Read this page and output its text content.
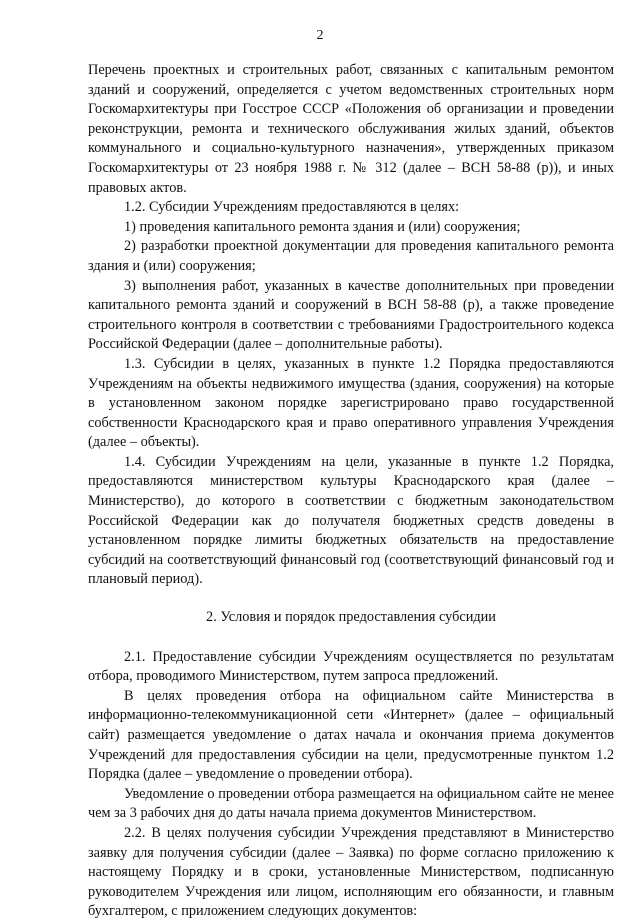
2

Перечень проектных и строительных работ, связанных с капитальным ремонтом зданий и сооружений, определяется с учетом ведомственных строительных норм Госкомархитектуры при Госстрое СССР «Положения об организации и проведении реконструкции, ремонта и технического обслуживания жилых зданий, объектов коммунального и социально-культурного назначения», утвержденных приказом Госкомархитектуры от 23 ноября 1988 г. № 312 (далее – ВСН 58-88 (р)), и иных правовых актов.

1.2. Субсидии Учреждениям предоставляются в целях:

1) проведения капитального ремонта здания и (или) сооружения;

2) разработки проектной документации для проведения капитального ремонта здания и (или) сооружения;

3) выполнения работ, указанных в качестве дополнительных при проведении капитального ремонта зданий и сооружений в ВСН 58-88 (р), а также проведение строительного контроля в соответствии с требованиями Градостроительного кодекса Российской Федерации (далее – дополнительные работы).

1.3. Субсидии в целях, указанных в пункте 1.2 Порядка предоставляются Учреждениям на объекты недвижимого имущества (здания, сооружения) на которые в установленном законом порядке зарегистрировано право государственной собственности Краснодарского края и право оперативного управления Учреждения (далее – объекты).

1.4. Субсидии Учреждениям на цели, указанные в пункте 1.2 Порядка, предоставляются министерством культуры Краснодарского края (далее – Министерство), до которого в соответствии с бюджетным законодательством Российской Федерации как до получателя бюджетных средств доведены в установленном порядке лимиты бюджетных обязательств на предоставление субсидий на соответствующий финансовый год (соответствующий финансовый год и плановый период).

2. Условия и порядок предоставления субсидии

2.1. Предоставление субсидии Учреждениям осуществляется по результатам отбора, проводимого Министерством, путем запроса предложений.

В целях проведения отбора на официальном сайте Министерства в информационно-телекоммуникационной сети «Интернет» (далее – официальный сайт) размещается уведомление о датах начала и окончания приема документов Учреждений для предоставления субсидии на цели, предусмотренные пунктом 1.2 Порядка (далее – уведомление о проведении отбора).

Уведомление о проведении отбора размещается на официальном сайте не менее чем за 3 рабочих дня до даты начала приема документов Министерством.

2.2. В целях получения субсидии Учреждения представляют в Министерство заявку для получения субсидии (далее – Заявка) по форме согласно приложению к настоящему Порядку и в сроки, установленные Министерством, подписанную руководителем Учреждения или лицом, исполняющим его обязанности, и главным бухгалтером, с приложением следующих документов:
